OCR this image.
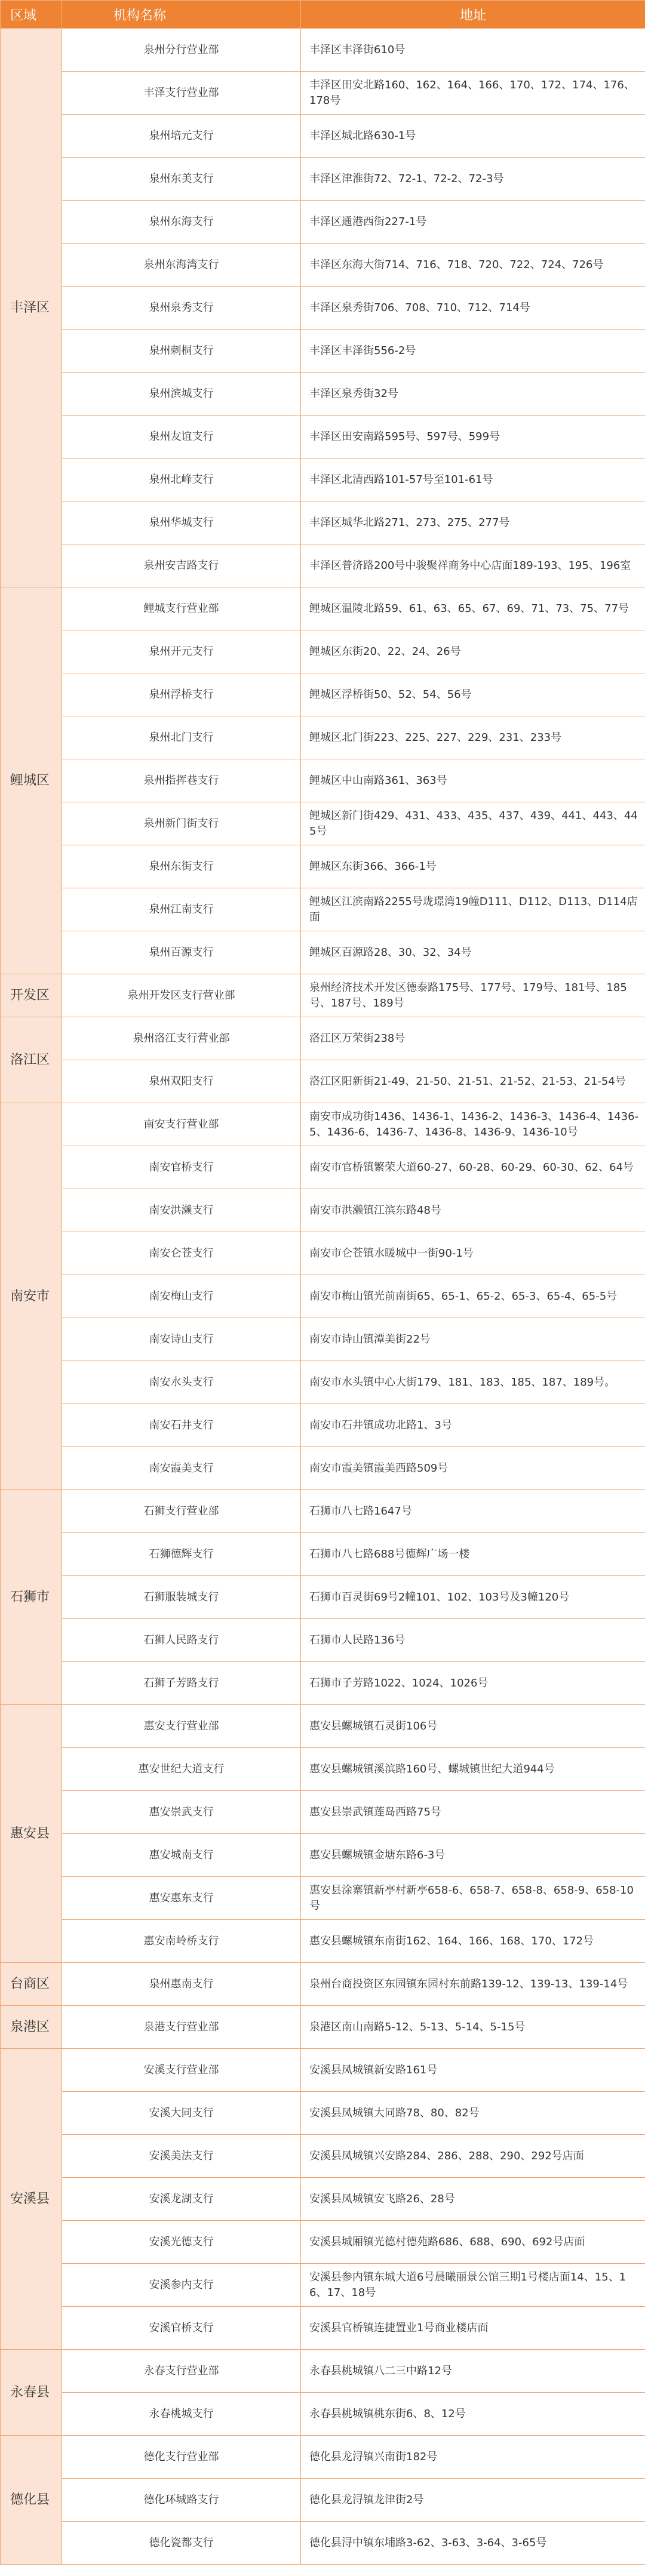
区域	机构名称	地址
丰泽区	泉州分行营业部	丰泽区丰泽街610号
	丰泽支行营业部	丰泽区田安北路160、162、164、166、170、172、174、176、178号
	泉州培元支行	丰泽区城北路630-1号
	泉州东美支行	丰泽区津淮街72、72-1、72-2、72-3号
	泉州东海支行	丰泽区通港西街227-1号
	泉州东海湾支行	丰泽区东海大街714、716、718、720、722、724、726号
	泉州泉秀支行	丰泽区泉秀街706、708、710、712、714号
	泉州刺桐支行	丰泽区丰泽街556-2号
	泉州滨城支行	丰泽区泉秀街32号
	泉州友谊支行	丰泽区田安南路595号、597号、599号
	泉州北峰支行	丰泽区北清西路101-57号至101-61号
	泉州华城支行	丰泽区城华北路271、273、275、277号
	泉州安吉路支行	丰泽区普济路200号中骏聚祥商务中心店面189-193、195、196室
鲤城区	鲤城支行营业部	鲤城区温陵北路59、61、63、65、67、69、71、73、75、77号
	泉州开元支行	鲤城区东街20、22、24、26号
	泉州浮桥支行	鲤城区浮桥街50、52、54、56号
	泉州北门支行	鲤城区北门街223、225、227、229、231、233号
	泉州指挥巷支行	鲤城区中山南路361、363号
	泉州新门街支行	鲤城区新门街429、431、433、435、437、439、441、443、445号
	泉州东街支行	鲤城区东街366、366-1号
	泉州江南支行	鲤城区江滨南路2255号珑璟湾19幢D111、D112、D113、D114店面
	泉州百源支行	鲤城区百源路28、30、32、34号
开发区	泉州开发区支行营业部	泉州经济技术开发区德泰路175号、177号、179号、181号、185号、187号、189号
洛江区	泉州洛江支行营业部	洛江区万荣街238号
	泉州双阳支行	洛江区阳新街21-49、21-50、21-51、21-52、21-53、21-54号
南安市	南安支行营业部	南安市成功街1436、1436-1、1436-2、1436-3、1436-4、1436-5、1436-6、1436-7、1436-8、1436-9、1436-10号
	南安官桥支行	南安市官桥镇繁荣大道60-27、60-28、60-29、60-30、62、64号
	南安洪濑支行	南安市洪濑镇江滨东路48号
	南安仑苍支行	南安市仑苍镇水暖城中一街90-1号
	南安梅山支行	南安市梅山镇光前南街65、65-1、65-2、65-3、65-4、65-5号
	南安诗山支行	南安市诗山镇潭美街22号
	南安水头支行	南安市水头镇中心大街179、181、183、185、187、189号。
	南安石井支行	南安市石井镇成功北路1、3号
	南安霞美支行	南安市霞美镇霞美西路509号
石狮市	石狮支行营业部	石狮市八七路1647号
	石狮德辉支行	石狮市八七路688号德辉广场一楼
	石狮服装城支行	石狮市百灵街69号2幢101、102、103号及3幢120号
	石狮人民路支行	石狮市人民路136号
	石狮子芳路支行	石狮市子芳路1022、1024、1026号
惠安县	惠安支行营业部	惠安县螺城镇石灵街106号
	惠安世纪大道支行	惠安县螺城镇溪滨路160号、螺城镇世纪大道944号
	惠安崇武支行	惠安县崇武镇莲岛西路75号
	惠安城南支行	惠安县螺城镇金塘东路6-3号
	惠安惠东支行	惠安县涂寨镇新亭村新亭658-6、658-7、658-8、658-9、658-10号
	惠安南岭桥支行	惠安县螺城镇东南街162、164、166、168、170、172号
台商区	泉州惠南支行	泉州台商投资区东园镇东园村东前路139-12、139-13、139-14号
泉港区	泉港支行营业部	泉港区南山南路5-12、5-13、5-14、5-15号
安溪县	安溪支行营业部	安溪县凤城镇新安路161号
	安溪大同支行	安溪县凤城镇大同路78、80、82号
	安溪美法支行	安溪县凤城镇兴安路284、286、288、290、292号店面
	安溪龙湖支行	安溪县凤城镇安飞路26、28号
	安溪光德支行	安溪县城厢镇光德村德苑路686、688、690、692号店面
	安溪参内支行	安溪县参内镇东城大道6号晨曦丽景公馆三期1号楼店面14、15、16、17、18号
	安溪官桥支行	安溪县官桥镇连捷置业1号商业楼店面
永春县	永春支行营业部	永春县桃城镇八二三中路12号
	永春桃城支行	永春县桃城镇桃东街6、8、12号
德化县	德化支行营业部	德化县龙浔镇兴南街182号
	德化环城路支行	德化县龙浔镇龙津街2号
	德化瓷都支行	德化县浔中镇东埔路3-62、3-63、3-64、3-65号
